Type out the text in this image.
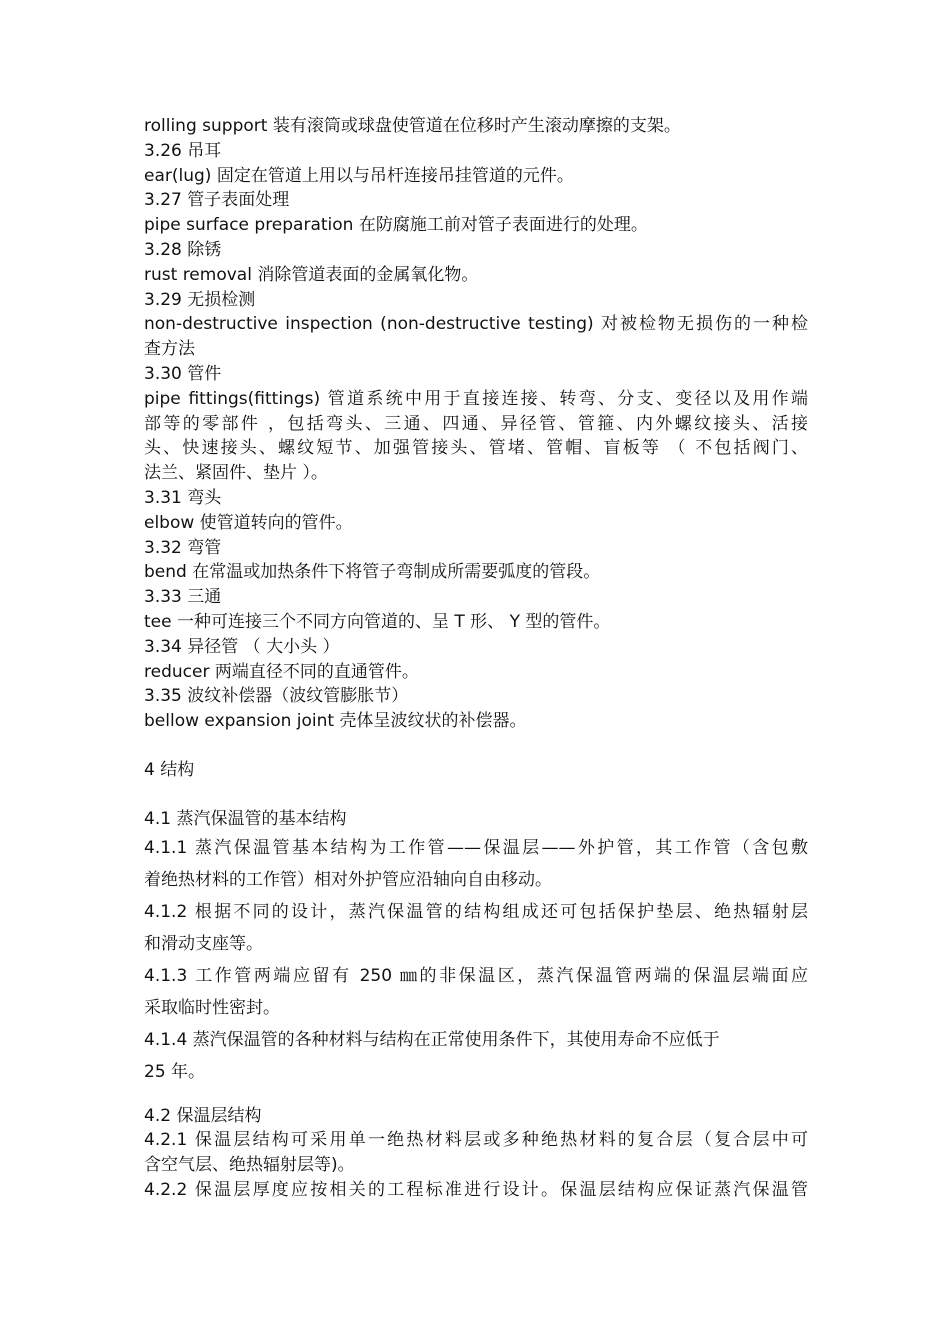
rolling support 装有滚筒或球盘使管道在位移时产生滚动摩擦的支架。
3.26 吊耳
ear(lug) 固定在管道上用以与吊杆连接吊挂管道的元件。
3.27 管子表面处理
pipe surface preparation 在防腐施工前对管子表面进行的处理。
3.28 除锈
rust removal 消除管道表面的金属氧化物。
3.29 无损检测
non-destructive inspection (non-destructive testing) 对被检物无损伤的一种检
查方法
3.30 管件
pipe fittings(fittings) 管道系统中用于直接连接、转弯、分支、变径以及用作端
部等的零部件 ，包括弯头、三通、四通、异径管、管箍、内外螺纹接头、活接
头、快速接头、螺纹短节、加强管接头、管堵、管帽、盲板等 （ 不包括阀门、
法兰、紧固件、垫片 ）。
3.31 弯头
elbow 使管道转向的管件。
3.32 弯管
bend 在常温或加热条件下将管子弯制成所需要弧度的管段。
3.33 三通
tee 一种可连接三个不同方向管道的、呈 T 形、 Y 型的管件。
3.34 异径管 （ 大小头 ）
reducer 两端直径不同的直通管件。
3.35 波纹补偿器（波纹管膨胀节）
bellow expansion joint 壳体呈波纹状的补偿器。
4 结构
4.1 蒸汽保温管的基本结构
4.1.1 蒸汽保温管基本结构为工作管——保温层——外护管，其工作管（含包敷
着绝热材料的工作管）相对外护管应沿轴向自由移动。
4.1.2 根据不同的设计，蒸汽保温管的结构组成还可包括保护垫层、绝热辐射层
和滑动支座等。
4.1.3 工作管两端应留有 250 ㎜的非保温区，蒸汽保温管两端的保温层端面应
采取临时性密封。
4.1.4 蒸汽保温管的各种材料与结构在正常使用条件下，其使用寿命不应低于
25 年。
4.2 保温层结构
4.2.1 保温层结构可采用单一绝热材料层或多种绝热材料的复合层（复合层中可
含空气层、绝热辐射层等)。
4.2.2 保温层厚度应按相关的工程标准进行设计。保温层结构应保证蒸汽保温管
